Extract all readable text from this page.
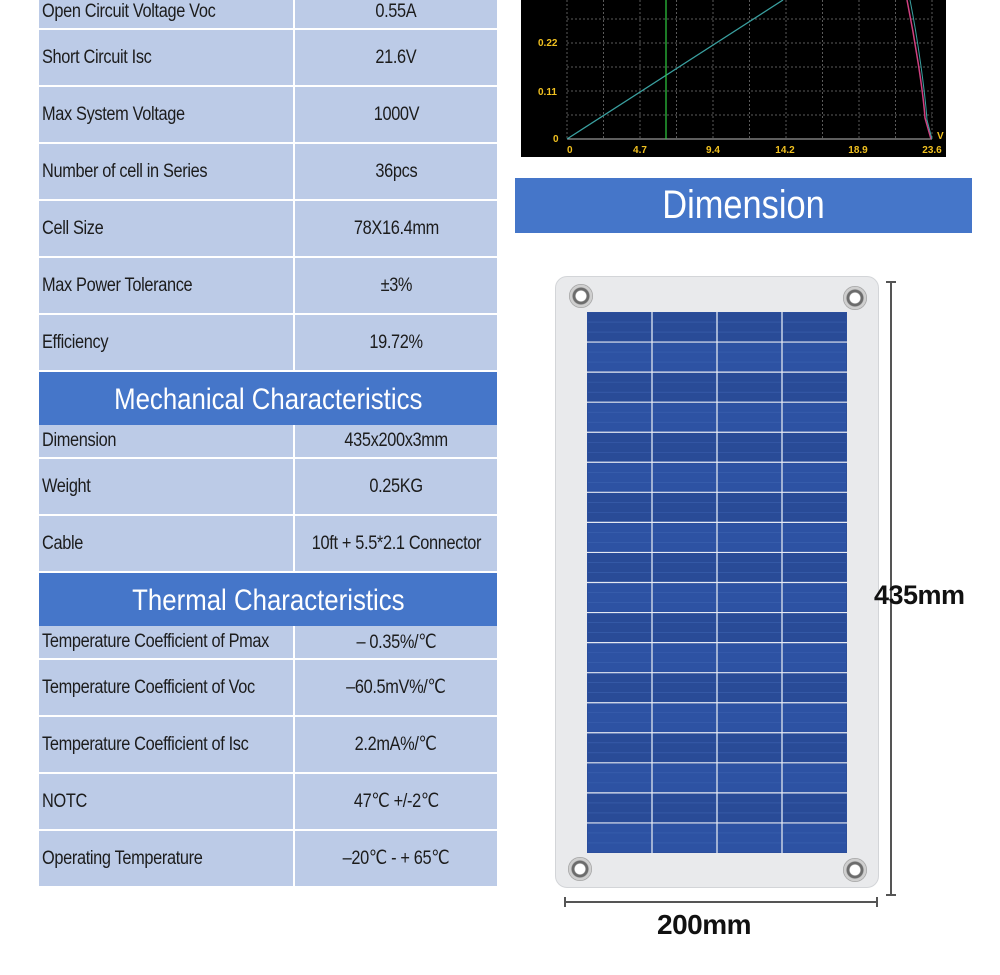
Open Circuit Voltage Voc	0.55A
Short Circuit Isc	21.6V
Max System Voltage	1000V
Number of cell in Series	36pcs
Cell Size	78X16.4mm
Max Power Tolerance	±3%
Efficiency	19.72%
Mechanical Characteristics
Dimension	435x200x3mm
Weight	0.25KG
Cable	10ft + 5.5*2.1 Connector
Thermal Characteristics
Temperature Coefficient of Pmax	– 0.35%/℃
Temperature Coefficient of Voc	–60.5mV%/℃
Temperature Coefficient of Isc	2.2mA%/℃
NOTC	47℃ +/-2℃
Operating Temperature	–20℃ - + 65℃
0
0.11
0.22
0	4.7	9.4	14.2	18.9	23.6
V
Dimension
435mm
200mm
